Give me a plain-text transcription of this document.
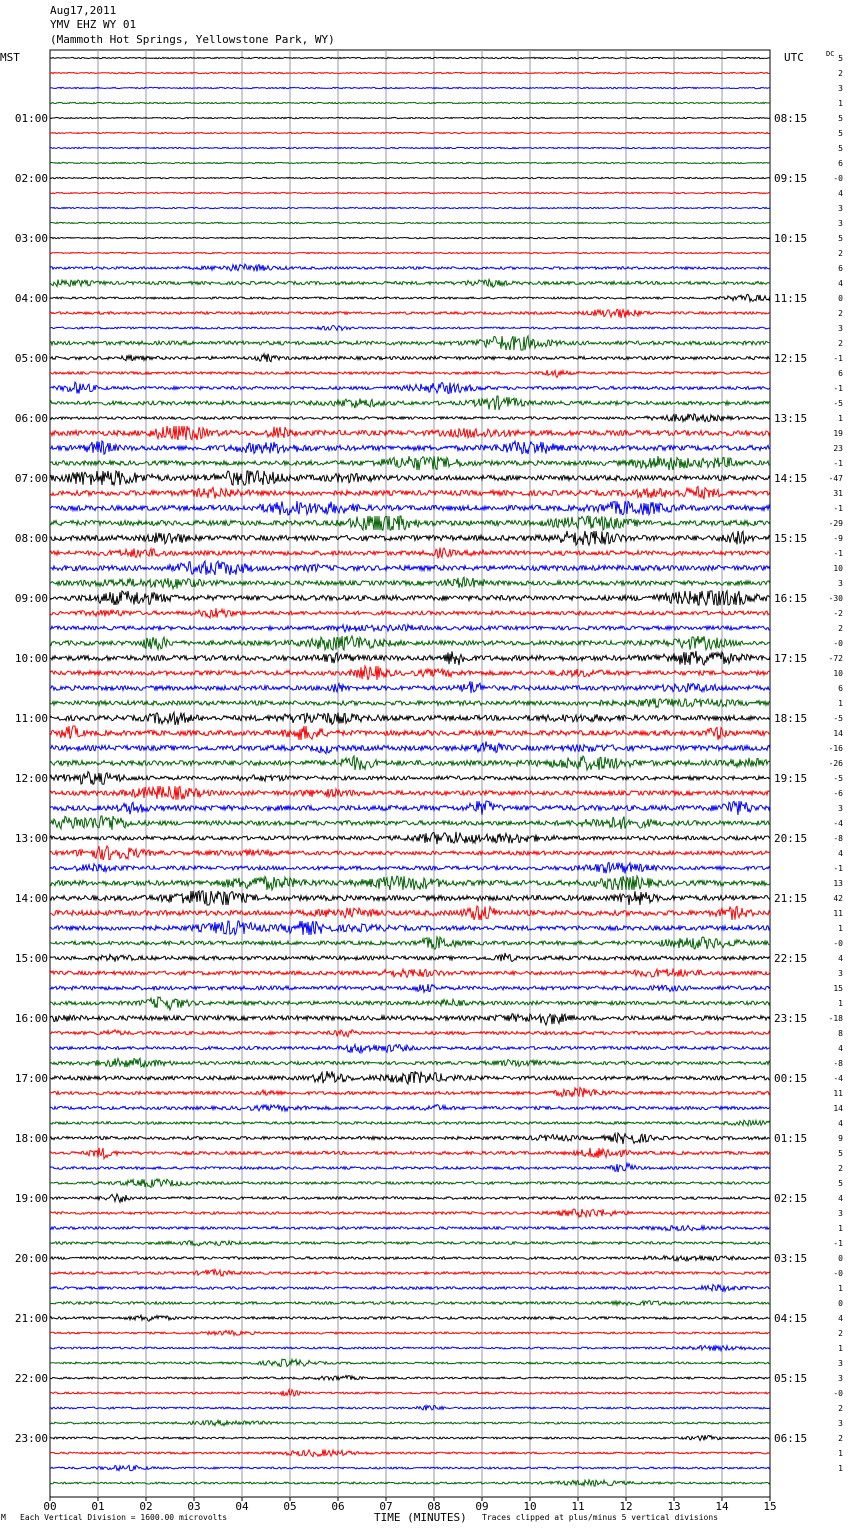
Aug17,2011
YMV EHZ WY 01
(Mammoth Hot Springs, Yellowstone Park, WY)
5
2
3
1
5
5
5
6
-0
4
3
3
5
2
6
4
0
2
3
2
-1
6
-1
-5
1
19
23
-1
-47
31
-1
-29
-9
-1
10
3
-30
-2
2
-0
-72
10
6
1
-5
14
-16
-26
-5
-6
3
-4
-8
4
-1
13
42
11
1
-0
4
3
15
1
-18
8
4
-8
-4
11
14
4
9
5
2
5
4
3
1
-1
0
-0
1
0
4
2
1
3
3
-0
2
3
2
1
1
MST	UTC	DC
01:00
02:00
03:00
04:00
05:00
06:00
07:00
08:00
09:00
10:00
11:00
12:00
13:00
14:00
15:00
16:00
17:00
18:00
19:00
20:00
21:00
22:00
23:00
08:15
09:15
10:15
11:15
12:15
13:15
14:15
15:15
16:15
17:15
18:15
19:15
20:15
21:15
22:15
23:15
00:15
01:15
02:15
03:15
04:15
05:15
06:15
00	01	02	03	04	05	06	07	08	09	10	11	12	13	14	15
TIME (MINUTES)
Each Vertical Division = 1600.00 microvolts	Traces clipped at plus/minus 5 vertical divisions
M
